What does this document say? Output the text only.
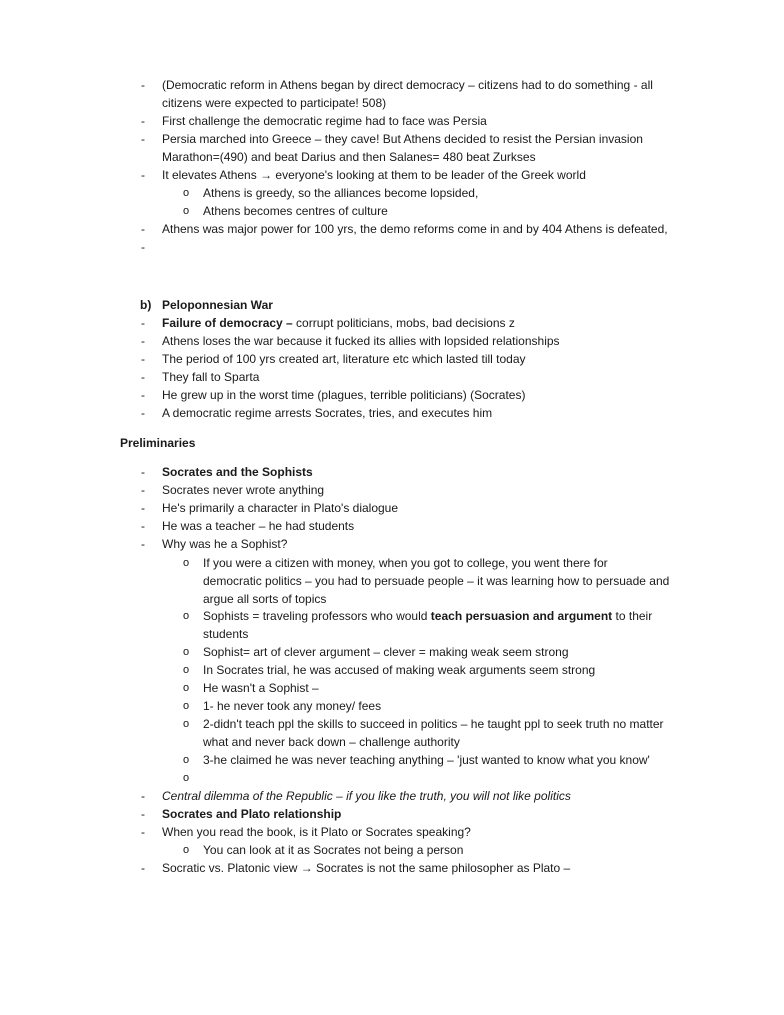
- (Democratic reform in Athens began by direct democracy – citizens had to do something - all
citizens were expected to participate! 508)
- First challenge the democratic regime had to face was Persia
- Persia marched into Greece – they cave! But Athens decided to resist the Persian invasion
Marathon=(490) and beat Darius and then Salanes= 480 beat Zurkses
- It elevates Athens → everyone's looking at them to be leader of the Greek world
o Athens is greedy, so the alliances become lopsided,
o Athens becomes centres of culture
- Athens was major power for 100 yrs, the demo reforms come in and by 404 Athens is defeated,
-
b) Peloponnesian War
- Failure of democracy – corrupt politicians, mobs, bad decisions z
- Athens loses the war because it fucked its allies with lopsided relationships
- The period of 100 yrs created art, literature etc which lasted till today
- They fall to Sparta
- He grew up in the worst time (plagues, terrible politicians) (Socrates)
- A democratic regime arrests Socrates, tries, and executes him
Preliminaries
- Socrates and the Sophists
- Socrates never wrote anything
- He's primarily a character in Plato's dialogue
- He was a teacher – he had students
- Why was he a Sophist?
o If you were a citizen with money, when you got to college, you went there for
democratic politics – you had to persuade people – it was learning how to persuade and
argue all sorts of topics
o Sophists = traveling professors who would teach persuasion and argument to their
students
o Sophist= art of clever argument – clever = making weak seem strong
o In Socrates trial, he was accused of making weak arguments seem strong
o He wasn't a Sophist –
o 1- he never took any money/ fees
o 2-didn't teach ppl the skills to succeed in politics – he taught ppl to seek truth no matter
what and never back down – challenge authority
o 3-he claimed he was never teaching anything – 'just wanted to know what you know'
o
- Central dilemma of the Republic – if you like the truth, you will not like politics
- Socrates and Plato relationship
- When you read the book, is it Plato or Socrates speaking?
o You can look at it as Socrates not being a person
- Socratic vs. Platonic view → Socrates is not the same philosopher as Plato –
